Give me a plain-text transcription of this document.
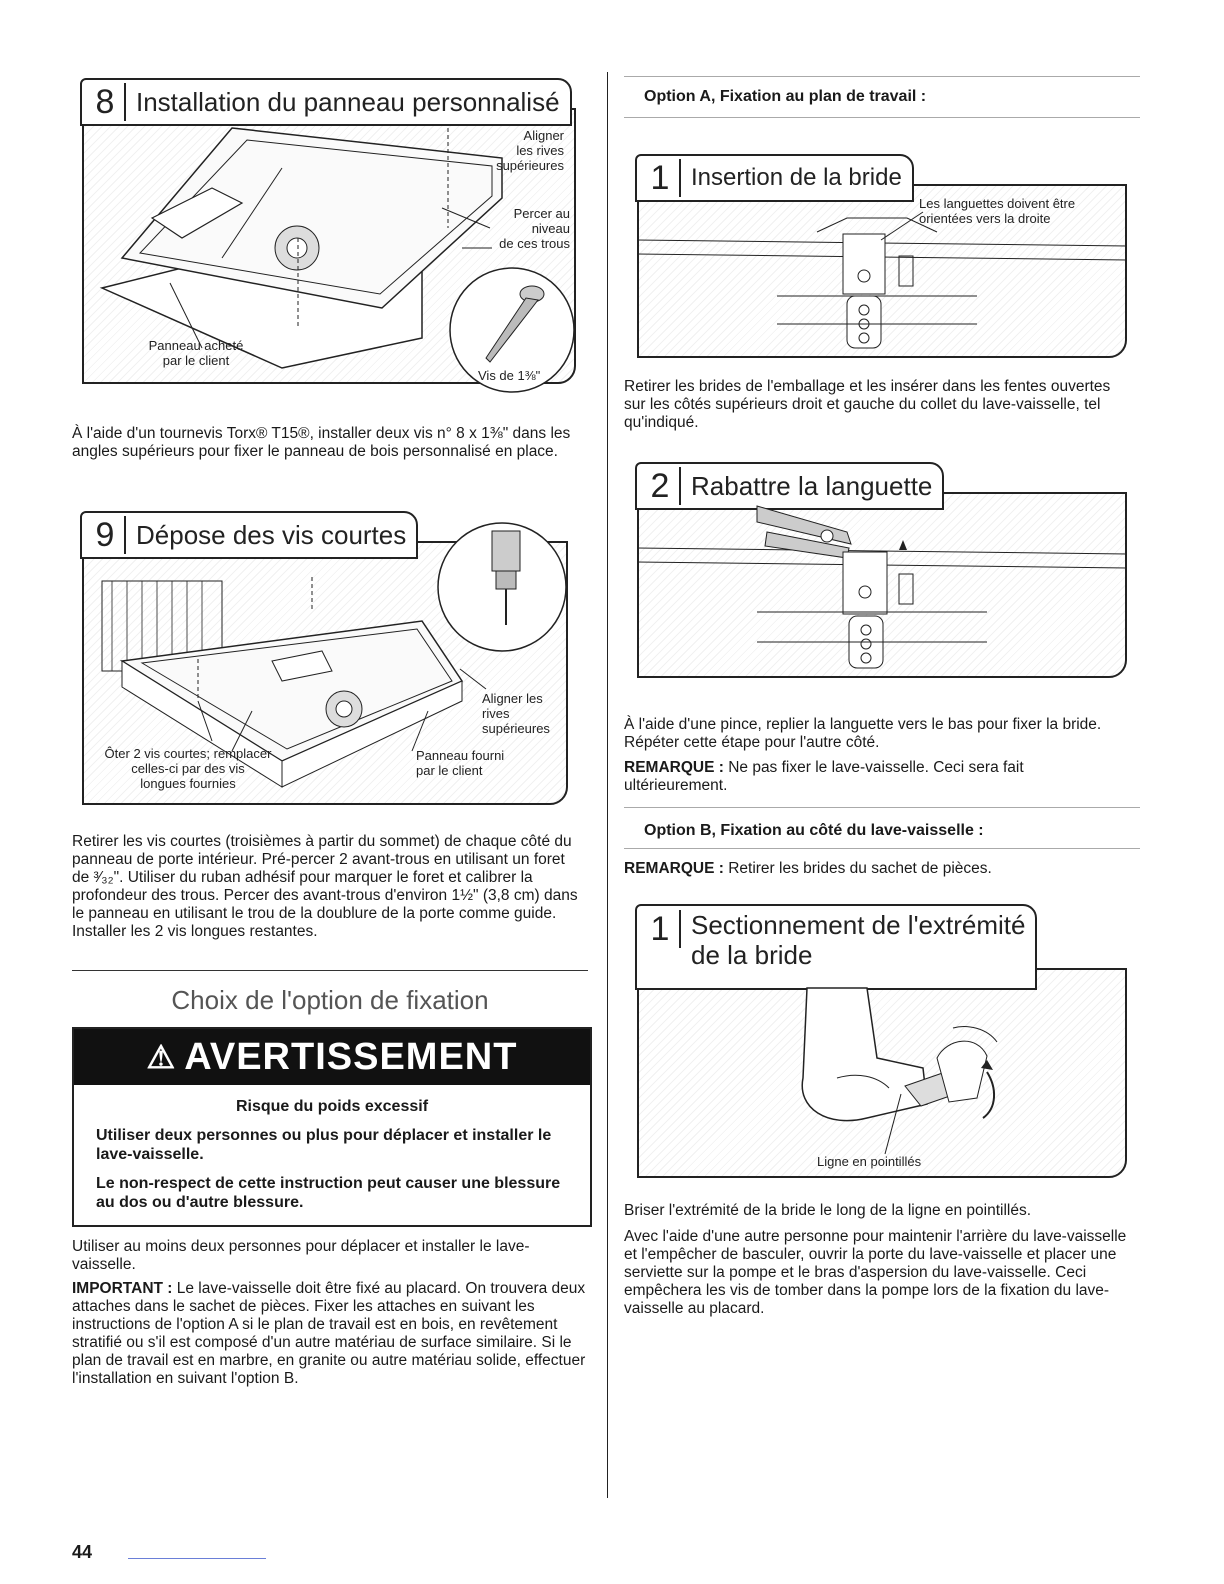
8 Installation du panneau personnalisé
Aligner
les rives
supérieures
Percer au
niveau
de ces trous
Panneau acheté
par le client
Vis de 1⅜"
À l'aide d'un tournevis Torx® T15®, installer deux vis n° 8 x 1⅜" dans les angles supérieurs pour fixer le panneau de bois personnalisé en place.
9 Dépose des vis courtes
Aligner les
rives
supérieures
Ôter 2 vis courtes; remplacer
celles-ci par des vis
longues fournies
Panneau fourni
par le client
Retirer les vis courtes (troisièmes à partir du sommet) de chaque côté du panneau de porte intérieur. Pré-percer 2 avant-trous en utilisant un foret de ³⁄₃₂". Utiliser du ruban adhésif pour marquer le foret et calibrer la profondeur des trous. Percer des avant-trous d'environ 1½" (3,8 cm) dans le panneau en utilisant le trou de la doublure de la porte comme guide. Installer les 2 vis longues restantes.
Choix de l'option de fixation
⚠ AVERTISSEMENT

Risque du poids excessif

Utiliser deux personnes ou plus pour déplacer et installer le lave-vaisselle.

Le non-respect de cette instruction peut causer une blessure au dos ou d'autre blessure.

Utiliser au moins deux personnes pour déplacer et installer le lave-vaisselle.
IMPORTANT : Le lave-vaisselle doit être fixé au placard. On trouvera deux attaches dans le sachet de pièces. Fixer les attaches en suivant les instructions de l'option A si le plan de travail est en bois, en revêtement stratifié ou s'il est composé d'un autre matériau de surface similaire. Si le plan de travail est en marbre, en granite ou autre matériau solide, effectuer l'installation en suivant l'option B.
44
Option A, Fixation au plan de travail :
1 Insertion de la bride
Les languettes doivent être
orientées vers la droite
Retirer les brides de l'emballage et les insérer dans les fentes ouvertes sur les côtés supérieurs droit et gauche du collet du lave-vaisselle, tel qu'indiqué.
2 Rabattre la languette
À l'aide d'une pince, replier la languette vers le bas pour fixer la bride. Répéter cette étape pour l'autre côté.
REMARQUE : Ne pas fixer le lave-vaisselle. Ceci sera fait ultérieurement.
Option B, Fixation au côté du lave-vaisselle :
REMARQUE : Retirer les brides du sachet de pièces.
1 Sectionnement de l'extrémité
de la bride
Ligne en pointillés
Briser l'extrémité de la bride le long de la ligne en pointillés.
Avec l'aide d'une autre personne pour maintenir l'arrière du lave-vaisselle et l'empêcher de basculer, ouvrir la porte du lave-vaisselle et placer une serviette sur la pompe et le bras d'aspersion du lave-vaisselle. Ceci empêchera les vis de tomber dans la pompe lors de la fixation du lave-vaisselle au placard.
